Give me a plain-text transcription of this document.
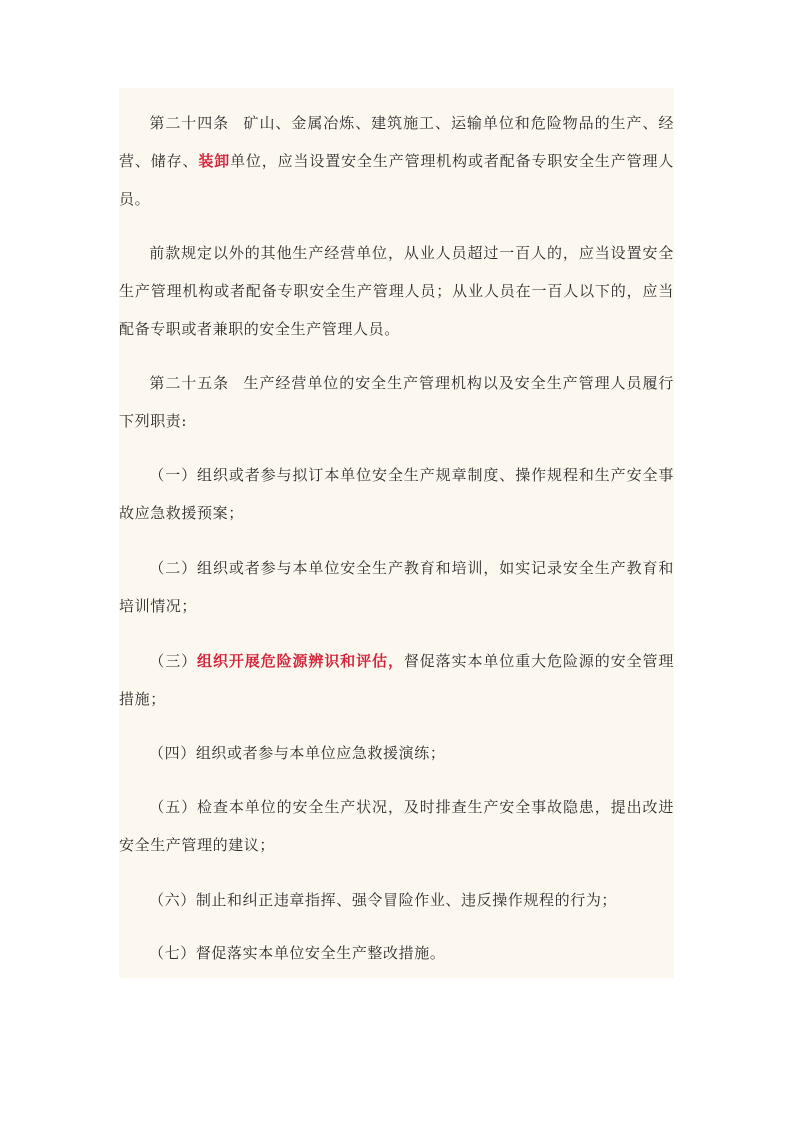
第二十四条 矿山、金属冶炼、建筑施工、运输单位和危险物品的生产、经营、储存、装卸单位，应当设置安全生产管理机构或者配备专职安全生产管理人员。

前款规定以外的其他生产经营单位，从业人员超过一百人的，应当设置安全生产管理机构或者配备专职安全生产管理人员；从业人员在一百人以下的，应当配备专职或者兼职的安全生产管理人员。

第二十五条 生产经营单位的安全生产管理机构以及安全生产管理人员履行下列职责:

（一）组织或者参与拟订本单位安全生产规章制度、操作规程和生产安全事故应急救援预案；

（二）组织或者参与本单位安全生产教育和培训，如实记录安全生产教育和培训情况；

（三）组织开展危险源辨识和评估，督促落实本单位重大危险源的安全管理措施；

（四）组织或者参与本单位应急救援演练；

（五）检查本单位的安全生产状况，及时排查生产安全事故隐患，提出改进安全生产管理的建议；

（六）制止和纠正违章指挥、强令冒险作业、违反操作规程的行为；

（七）督促落实本单位安全生产整改措施。
